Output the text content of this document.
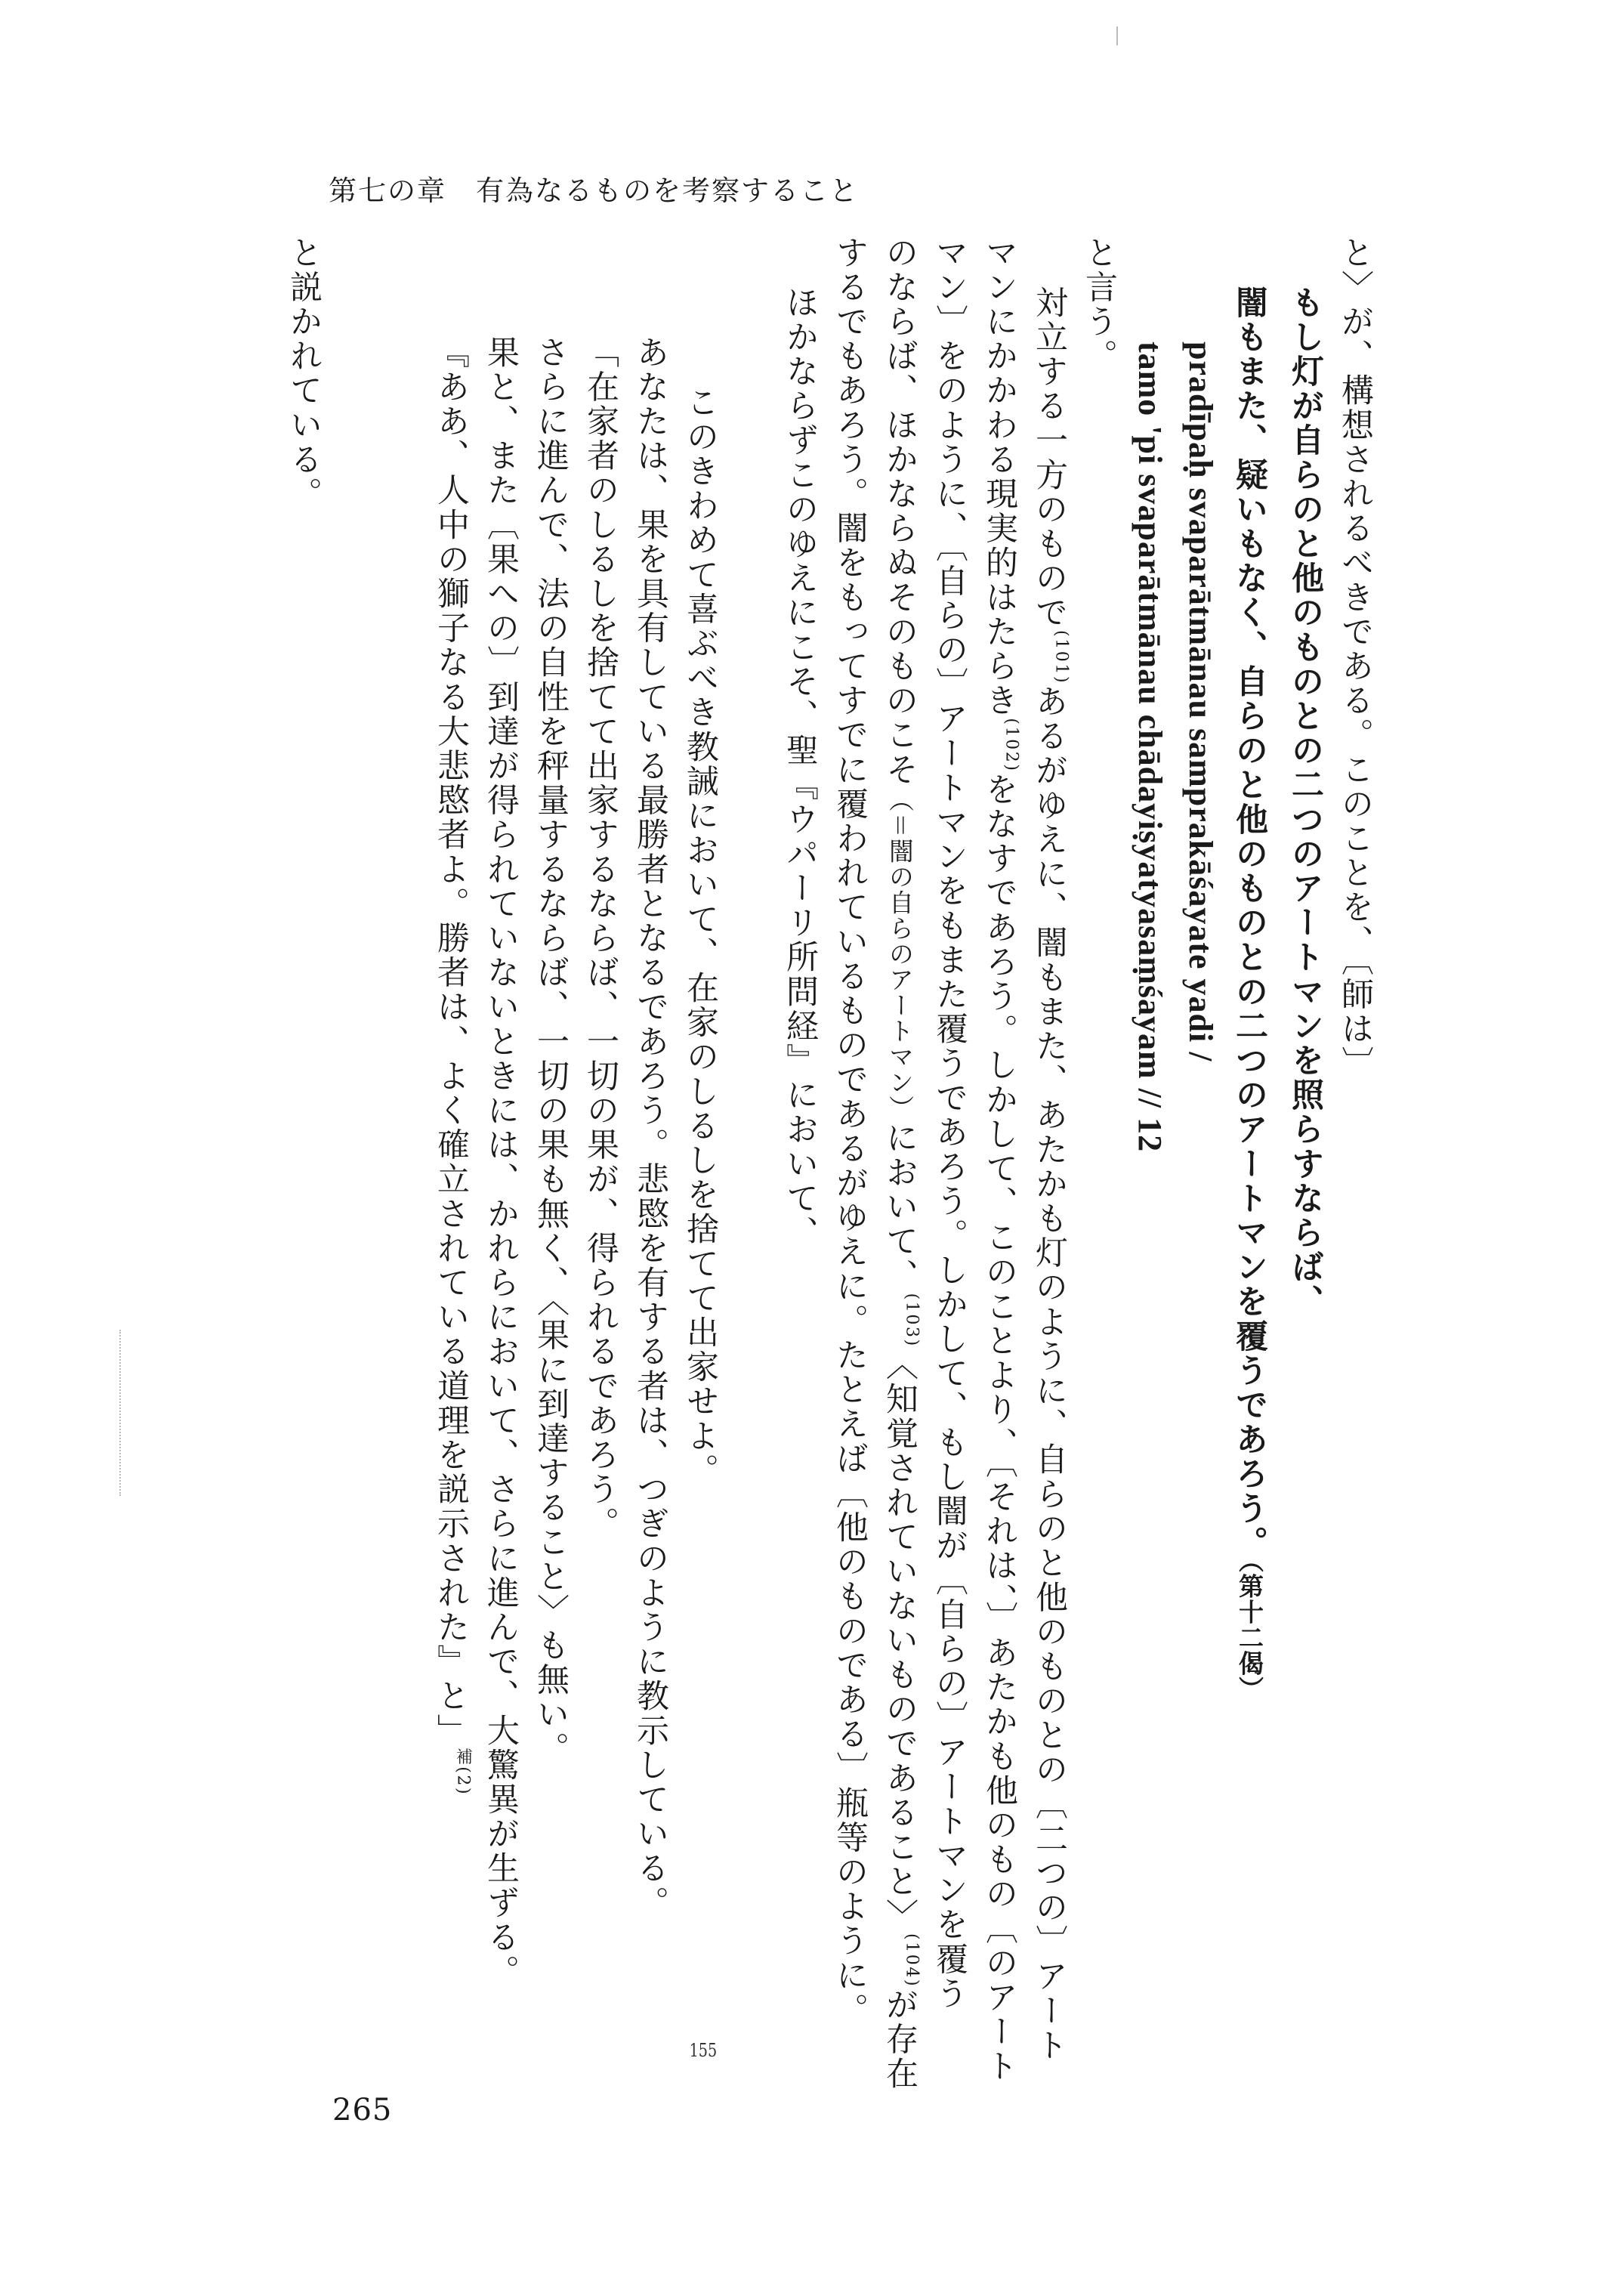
第七の章　有為なるものを考察すること
と〉が、構想されるべきである。このことを、〔師は〕
もし灯が自らのと他のものとの二つのアートマンを照らすならば、
闇もまた、疑いもなく、自らのと他のものとの二つのアートマンを覆うであろう。（第十二偈）
pradīpaḥ svaparātmānau samprakāśayate yadi /
tamo 'pi svaparātmānau chādayiṣyatyasaṃśayam // 12
と言う。
対立する一方のもので$^{(101)}$あるがゆえに、闇もまた、あたかも灯のように、自らのと他のものとの〔二つの〕アート
マンにかかわる現実的はたらき$^{(102)}$をなすであろう。しかして、このことより、〔それは、〕あたかも他のもの〔のアート
マン〕をのように、〔自らの〕アートマンをもまた覆うであろう。しかして、もし闇が〔自らの〕アートマンを覆う
のならば、ほかならぬそのものこそ（＝闇の自らのアートマン）において、$^{(103)}$〈知覚されていないものであること〉$^{(104)}$が存在
するでもあろう。闇をもってすでに覆われているものであるがゆえに。たとえば〔他のものである〕瓶等のように。
ほかならずこのゆえにこそ、聖『ウパーリ所問経』において、
このきわめて喜ぶべき教誡において、在家のしるしを捨てて出家せよ。
あなたは、果を具有している最勝者となるであろう。悲愍を有する者は、つぎのように教示している。
「在家者のしるしを捨てて出家するならば、一切の果が、得られるであろう。
さらに進んで、法の自性を秤量するならば、一切の果も無く、〈果に到達すること〉も無い。
果と、また〔果への〕到達が得られていないときには、かれらにおいて、さらに進んで、大驚異が生ずる。
『ああ、人中の獅子なる大悲愍者よ。勝者は、よく確立されている道理を説示された』と」$^{補(2)}$
と説かれている。
155
265
